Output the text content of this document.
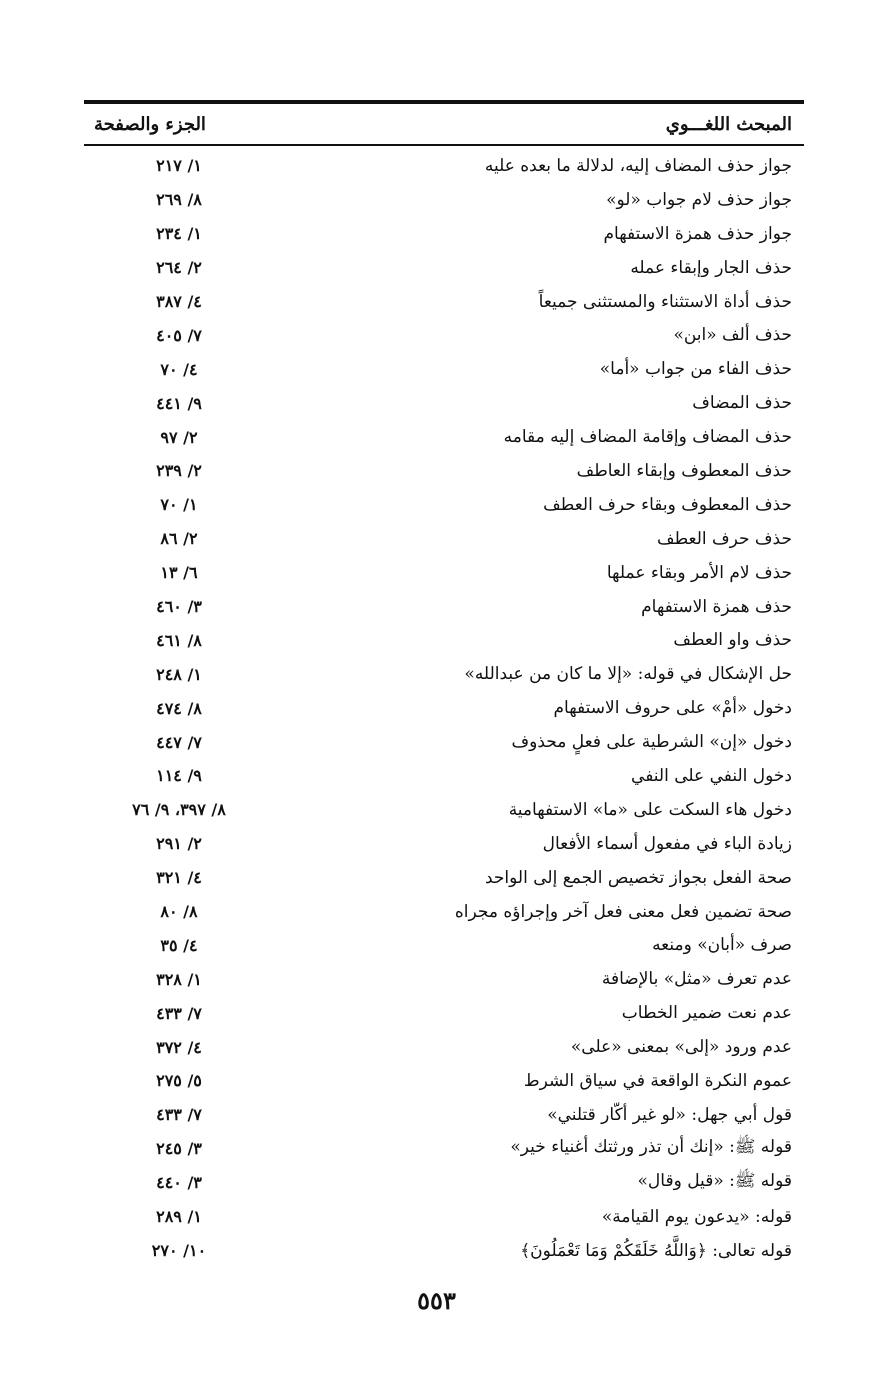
المبحث اللغـــوي
الجزء والصفحة
جواز حذف المضاف إليه، لدلالة ما بعده عليه
١/ ٢١٧
جواز حذف لام جواب «لو»
٨/ ٢٦٩
جواز حذف همزة الاستفهام
١/ ٢٣٤
حذف الجار وإبقاء عمله
٢/ ٢٦٤
حذف أداة الاستثناء والمستثنى جميعاً
٤/ ٣٨٧
حذف ألف «ابن»
٧/ ٤٠٥
حذف الفاء من جواب «أما»
٤/ ٧٠
حذف المضاف
٩/ ٤٤١
حذف المضاف وإقامة المضاف إليه مقامه
٢/ ٩٧
حذف المعطوف وإبقاء العاطف
٢/ ٢٣٩
حذف المعطوف وبقاء حرف العطف
١/ ٧٠
حذف حرف العطف
٢/ ٨٦
حذف لام الأمر وبقاء عملها
٦/ ١٣
حذف همزة الاستفهام
٣/ ٤٦٠
حذف واو العطف
٨/ ٤٦١
حل الإشكال في قوله: «إلا ما كان من عبدالله»
١/ ٢٤٨
دخول «أمْ» على حروف الاستفهام
٨/ ٤٧٤
دخول «إن» الشرطية على فعلٍ محذوف
٧/ ٤٤٧
دخول النفي على النفي
٩/ ١١٤
دخول هاء السكت على «ما» الاستفهامية
٨/ ٣٩٧، ٩/ ٧٦
زيادة الباء في مفعول أسماء الأفعال
٢/ ٢٩١
صحة الفعل بجواز تخصيص الجمع إلى الواحد
٤/ ٣٢١
صحة تضمين فعل معنى فعل آخر وإجراؤه مجراه
٨/ ٨٠
صرف «أبان» ومنعه
٤/ ٣٥
عدم تعرف «مثل» بالإضافة
١/ ٣٢٨
عدم نعت ضمير الخطاب
٧/ ٤٣٣
عدم ورود «إلى» بمعنى «على»
٤/ ٣٧٢
عموم النكرة الواقعة في سياق الشرط
٥/ ٢٧٥
قول أبي جهل: «لو غير أكّار قتلني»
٧/ ٤٣٣
قوله ﷺ: «إنك أن تذر ورثتك أغنياء خير»
٣/ ٢٤٥
قوله ﷺ: «قيل وقال»
٣/ ٤٤٠
قوله: «يدعون يوم القيامة»
١/ ٢٨٩
قوله تعالى: ﴿وَاللَّهُ خَلَقَكُمْ وَمَا تَعْمَلُونَ﴾
١٠/ ٢٧٠
٥٥٣
